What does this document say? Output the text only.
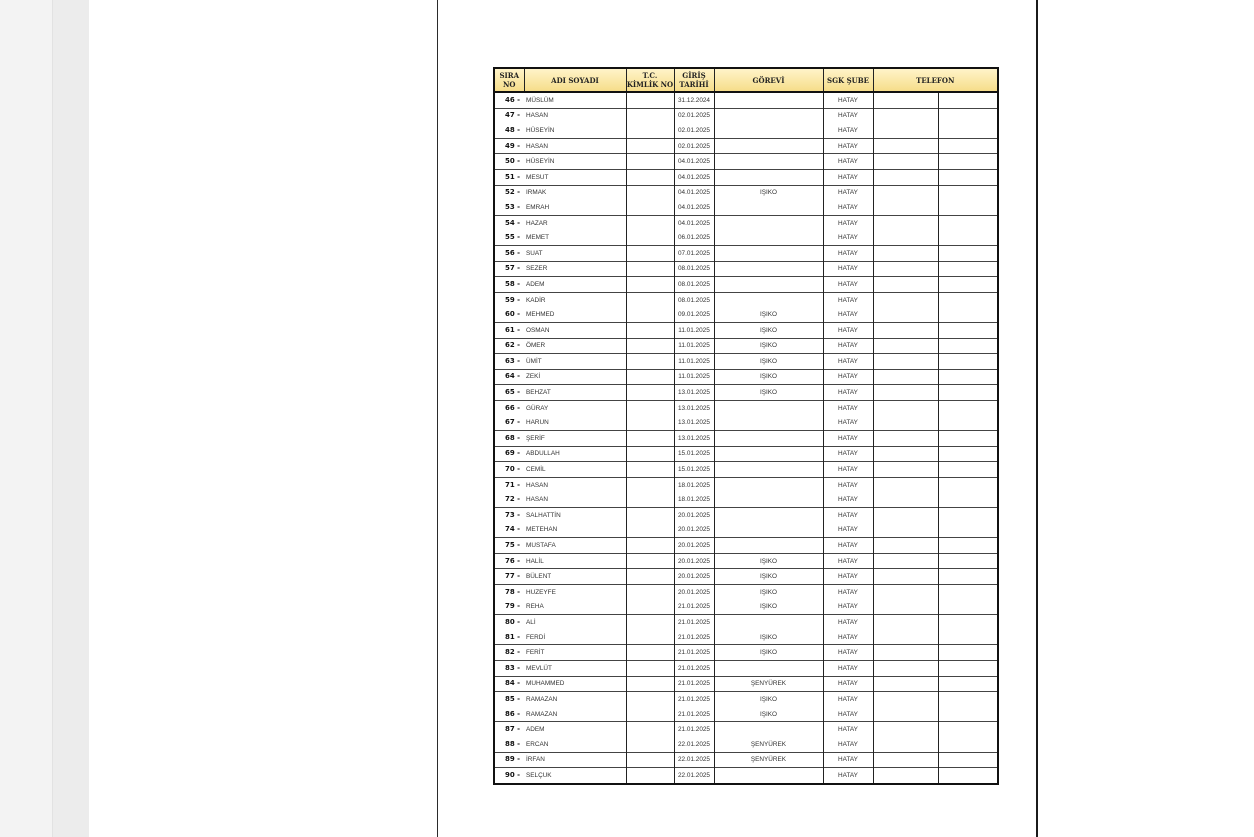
SIRA NO	ADI SOYADI	T.C. KİMLİK NO	GİRİŞ TARİHİ	GÖREVİ	SGK ŞUBE	TELEFON	
46 -	MÜSLÜM		31.12.2024		HATAY		
47 -	HASAN		02.01.2025		HATAY		
48 -	HÜSEYİN		02.01.2025		HATAY		
49 -	HASAN		02.01.2025		HATAY		
50 -	HÜSEYİN		04.01.2025		HATAY		
51 -	MESUT		04.01.2025		HATAY		
52 -	IRMAK		04.01.2025	IŞIKO	HATAY		
53 -	EMRAH		04.01.2025		HATAY		
54 -	HAZAR		04.01.2025		HATAY		
55 -	MEMET		06.01.2025		HATAY		
56 -	SUAT		07.01.2025		HATAY		
57 -	SEZER		08.01.2025		HATAY		
58 -	ADEM		08.01.2025		HATAY		
59 -	KADİR		08.01.2025		HATAY		
60 -	MEHMED		09.01.2025	IŞIKO	HATAY		
61 -	OSMAN		11.01.2025	IŞIKO	HATAY		
62 -	ÖMER		11.01.2025	IŞIKO	HATAY		
63 -	ÜMİT		11.01.2025	IŞIKO	HATAY		
64 -	ZEKİ		11.01.2025	IŞIKO	HATAY		
65 -	BEHZAT		13.01.2025	IŞIKO	HATAY		
66 -	GÜRAY		13.01.2025		HATAY		
67 -	HARUN		13.01.2025		HATAY		
68 -	ŞERİF		13.01.2025		HATAY		
69 -	ABDULLAH		15.01.2025		HATAY		
70 -	CEMİL		15.01.2025		HATAY		
71 -	HASAN		18.01.2025		HATAY		
72 -	HASAN		18.01.2025		HATAY		
73 -	SALHATTİN		20.01.2025		HATAY		
74 -	METEHAN		20.01.2025		HATAY		
75 -	MUSTAFA		20.01.2025		HATAY		
76 -	HALİL		20.01.2025	IŞIKO	HATAY		
77 -	BÜLENT		20.01.2025	IŞIKO	HATAY		
78 -	HUZEYFE		20.01.2025	IŞIKO	HATAY		
79 -	REHA		21.01.2025	IŞIKO	HATAY		
80 -	ALİ		21.01.2025		HATAY		
81 -	FERDİ		21.01.2025	IŞIKO	HATAY		
82 -	FERİT		21.01.2025	IŞIKO	HATAY		
83 -	MEVLÜT		21.01.2025		HATAY		
84 -	MUHAMMED		21.01.2025	ŞENYÜREK	HATAY		
85 -	RAMAZAN		21.01.2025	IŞIKO	HATAY		
86 -	RAMAZAN		21.01.2025	IŞIKO	HATAY		
87 -	ADEM		21.01.2025		HATAY		
88 -	ERCAN		22.01.2025	ŞENYÜREK	HATAY		
89 -	İRFAN		22.01.2025	ŞENYÜREK	HATAY		
90 -	SELÇUK		22.01.2025		HATAY		
